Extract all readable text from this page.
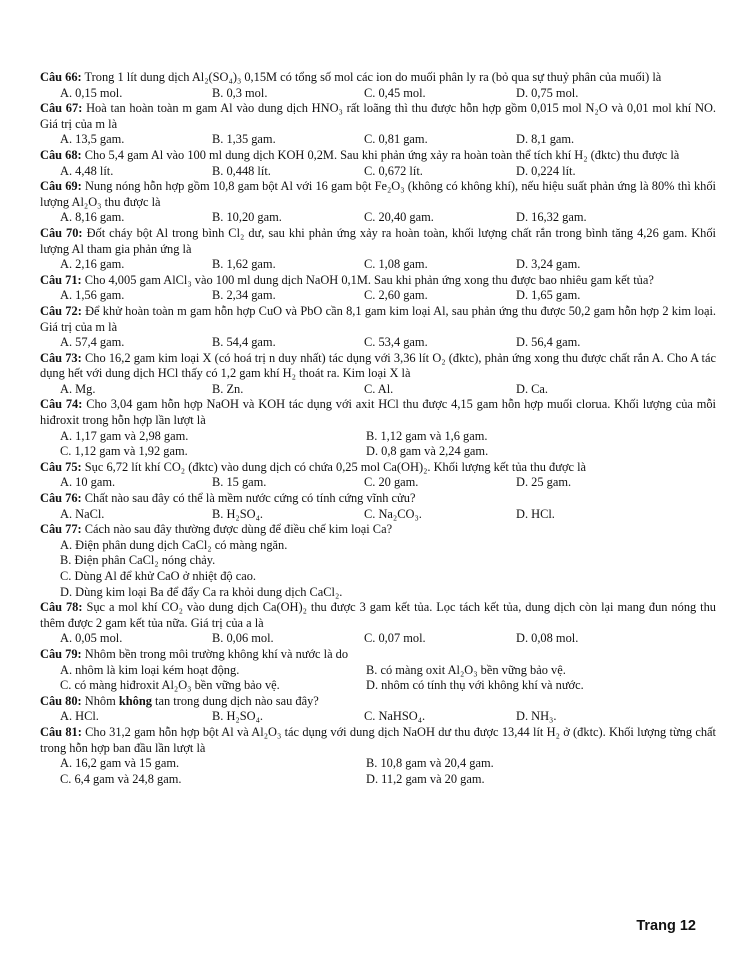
Câu 66: Trong 1 lít dung dịch Al₂(SO₄)₃ 0,15M có tổng số mol các ion do muối phân ly ra (bỏ qua sự thuỷ phân của muối) là

A. 0,15 mol.	B. 0,3 mol.	C. 0,45 mol.	D. 0,75 mol.

Câu 67: Hoà tan hoàn toàn m gam Al vào dung dịch HNO₃ rất loãng thì thu được hỗn hợp gồm 0,015 mol N₂O và 0,01 mol khí NO. Giá trị của m là

A. 13,5 gam.	B. 1,35 gam.	C. 0,81 gam.	D. 8,1 gam.

Câu 68: Cho 5,4 gam Al vào 100 ml dung dịch KOH 0,2M. Sau khi phản ứng xảy ra hoàn toàn thể tích khí H₂ (đktc) thu được là

A. 4,48 lít.	B. 0,448 lít.	C. 0,672 lít.	D. 0,224 lít.

Câu 69: Nung nóng hỗn hợp gồm 10,8 gam bột Al với 16 gam bột Fe₂O₃ (không có không khí), nếu hiệu suất phản ứng là 80% thì khối lượng Al₂O₃ thu được là

A. 8,16 gam.	B. 10,20 gam.	C. 20,40 gam.	D. 16,32 gam.

Câu 70: Đốt cháy bột Al trong bình Cl₂ dư, sau khi phản ứng xảy ra hoàn toàn, khối lượng chất rắn trong bình tăng 4,26 gam. Khối lượng Al tham gia phản ứng là

A. 2,16 gam.	B. 1,62 gam.	C. 1,08 gam.	D. 3,24 gam.

Câu 71: Cho 4,005 gam AlCl₃ vào 100 ml dung dịch NaOH 0,1M. Sau khi phản ứng xong thu được bao nhiêu gam kết tủa?

A. 1,56 gam.	B. 2,34 gam.	C. 2,60 gam.	D. 1,65 gam.

Câu 72: Để khử hoàn toàn m gam hỗn hợp CuO và PbO cần 8,1 gam kim loại Al, sau phản ứng thu được 50,2 gam hỗn hợp 2 kim loại. Giá trị của m là

A. 57,4 gam.	B. 54,4 gam.	C. 53,4 gam.	D. 56,4 gam.

Câu 73: Cho 16,2 gam kim loại X (có hoá trị n duy nhất) tác dụng với 3,36 lít O₂ (đktc), phản ứng xong thu được chất rắn A. Cho A tác dụng hết với dung dịch HCl thấy có 1,2 gam khí H₂ thoát ra. Kim loại X là

A. Mg.	B. Zn.	C. Al.	D. Ca.

Câu 74: Cho 3,04 gam hỗn hợp NaOH và KOH tác dụng với axit HCl thu được 4,15 gam hỗn hợp muối clorua. Khối lượng của mỗi hiđroxit trong hỗn hợp lần lượt là

A. 1,17 gam và 2,98 gam.	B. 1,12 gam và 1,6 gam.
C. 1,12 gam và 1,92 gam.	D. 0,8 gam và 2,24 gam.

Câu 75: Sục 6,72 lít khí CO₂ (đktc) vào dung dịch có chứa 0,25 mol Ca(OH)₂. Khối lượng kết tủa thu được là

A. 10 gam.	B. 15 gam.	C. 20 gam.	D. 25 gam.

Câu 76: Chất nào sau đây có thể là mềm nước cứng có tính cứng vĩnh cửu?

A. NaCl.	B. H₂SO₄.	C. Na₂CO₃.	D. HCl.

Câu 77: Cách nào sau đây thường được dùng để điều chế kim loại Ca?

A. Điện phân dung dịch CaCl₂ có màng ngăn.
B. Điện phân CaCl₂ nóng chảy.
C. Dùng Al để khử CaO ở nhiệt độ cao.
D. Dùng kim loại Ba để đẩy Ca ra khỏi dung dịch CaCl₂.

Câu 78: Sục a mol khí CO₂ vào dung dịch Ca(OH)₂ thu được 3 gam kết tủa. Lọc tách kết tủa, dung dịch còn lại mang đun nóng thu thêm được 2 gam kết tủa nữa. Giá trị của a là

A. 0,05 mol.	B. 0,06 mol.	C. 0,07 mol.	D. 0,08 mol.

Câu 79: Nhôm bền trong môi trường không khí và nước là do

A. nhôm là kim loại kém hoạt động.	B. có màng oxit Al₂O₃ bền vững bảo vệ.
C. có màng hiđroxit Al₂O₃ bền vững bảo vệ.	D. nhôm có tính thụ với không khí và nước.

Câu 80: Nhôm không tan trong dung dịch nào sau đây?

A. HCl.	B. H₂SO₄.	C. NaHSO₄.	D. NH₃.

Câu 81: Cho 31,2 gam hỗn hợp bột Al và Al₂O₃ tác dụng với dung dịch NaOH dư thu được 13,44 lít H₂ ở (đktc). Khối lượng từng chất trong hỗn hợp ban đầu lần lượt là

A. 16,2 gam và 15 gam.	B. 10,8 gam và 20,4 gam.
C. 6,4 gam và 24,8 gam.	D. 11,2 gam và 20 gam.
Trang 12
